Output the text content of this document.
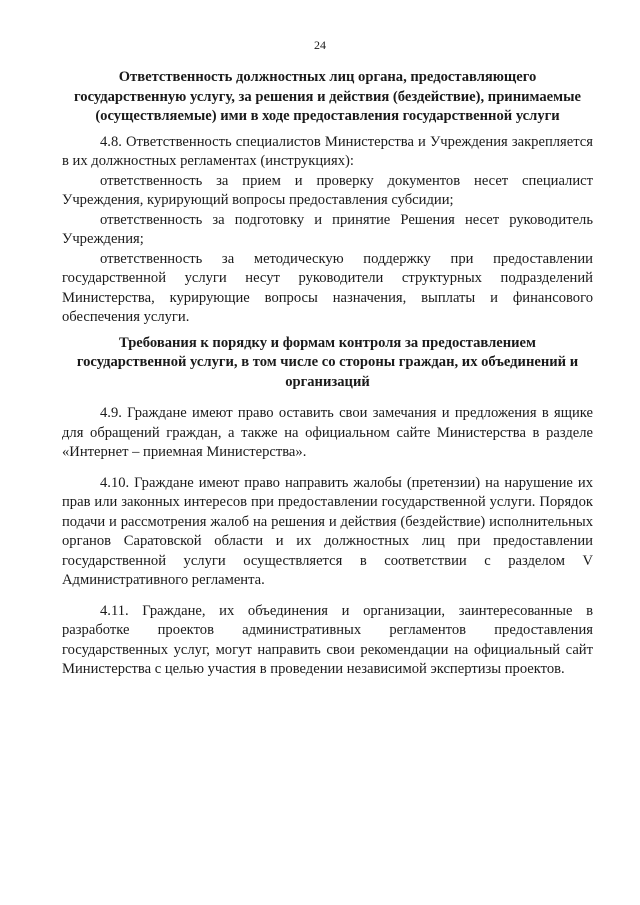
24
Ответственность должностных лиц органа, предоставляющего государственную услугу, за решения и действия (бездействие), принимаемые (осуществляемые) ими в ходе предоставления государственной услуги

4.8. Ответственность специалистов Министерства и Учреждения закрепляется в их должностных регламентах (инструкциях):

ответственность за прием и проверку документов несет специалист Учреждения, курирующий вопросы предоставления субсидии;

ответственность за подготовку и принятие Решения несет руководитель Учреждения;

ответственность за методическую поддержку при предоставлении государственной услуги несут руководители структурных подразделений Министерства, курирующие вопросы назначения, выплаты и финансового обеспечения услуги.

Требования к порядку и формам контроля за предоставлением государственной услуги, в том числе со стороны граждан, их объединений и организаций

4.9. Граждане имеют право оставить свои замечания и предложения в ящике для обращений граждан, а также на официальном сайте Министерства в разделе «Интернет – приемная Министерства».

4.10. Граждане имеют право направить жалобы (претензии) на нарушение их прав или законных интересов при предоставлении государственной услуги. Порядок подачи и рассмотрения жалоб на решения и действия (бездействие) исполнительных органов Саратовской области и их должностных лиц при предоставлении государственной услуги осуществляется в соответствии с разделом V Административного регламента.

4.11. Граждане, их объединения и организации, заинтересованные в разработке проектов административных регламентов предоставления государственных услуг, могут направить свои рекомендации на официальный сайт Министерства с целью участия в проведении независимой экспертизы проектов.
